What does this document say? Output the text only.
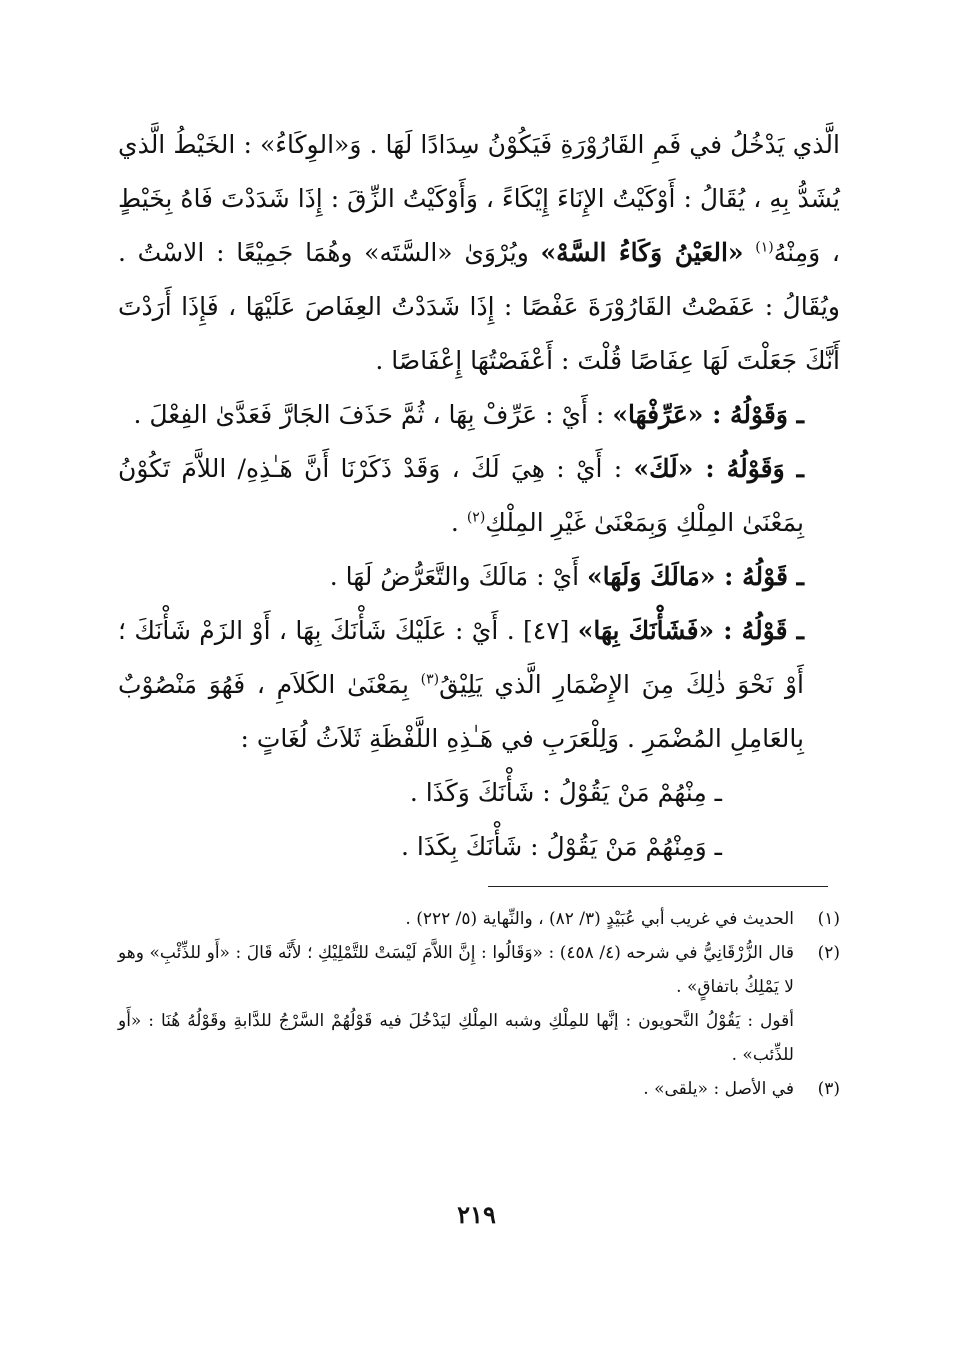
الَّذي يَدْخُلُ في فَمِ القَارُوْرَةِ فَيَكُوْنُ سِدَادًا لَهَا . وَ«الوِكَاءُ» : الخَيْطُ الَّذي يُشَدُّ بِهِ ، يُقَالُ : أَوْكَيْتُ الإِنَاءَ إِيْكَاءً ، وَأَوْكَيْتُ الزِّقَ : إِذَا شَدَدْتَ فَاهُ بِخَيْطٍ ، وَمِنْهُ$^{(١)}$ «العَيْنُ وَكَاءُ السَّهْ» ويُرْوَىٰ «السَّتَه» وهُمَا جَمِيْعًا : الاسْتُ . ويُقَالُ : عَفَصْتُ القَارُوْرَةَ عَفْصًا : إِذَا شَدَدْتُ العِفَاصَ عَلَيْهَا ، فَإِذَا أَرَدْتَ أَنَّكَ جَعَلْتَ لَهَا عِفَاصًا قُلْتَ : أَعْفَصْتُهَا إِعْفَاصًا .

ـ وَقَوْلُهُ : «عَرِّفْهَا» : أَيْ : عَرِّفْ بِهَا ، ثُمَّ حَذَفَ الجَارَّ فَعَدَّىٰ الفِعْلَ .

ـ وَقَوْلُهُ : «لَكَ» : أَيْ : هِيَ لَكَ ، وَقَدْ ذَكَرْنَا أَنَّ هَـٰذِهِ/ اللاَّمَ تَكُوْنُ بِمَعْنَىٰ المِلْكِ وَبِمَعْنَىٰ غَيْرِ المِلْكِ$^{(٢)}$ .

ـ قَوْلُهُ : «مَالَكَ وَلَهَا» أَيْ : مَالَكَ والتَّعَرُّضُ لَهَا .

ـ قَوْلُهُ : «فَشَأْنَكَ بِهَا» [٤٧] . أَيْ : عَلَيْكَ شَأْنَكَ بِهَا ، أَوْ الزَمْ شَأْنَكَ ؛ أَوْ نَحْوَ ذٰلِكَ مِنَ الإِضْمَارِ الَّذي يَلِيْقُ$^{(٣)}$ بِمَعْنَىٰ الكَلاَمِ ، فَهُوَ مَنْصُوْبٌ بِالعَامِلِ المُضْمَرِ . وَلِلْعَرَبِ في هَـٰذِهِ اللَّفْظَةِ ثَلاَثُ لُغَاتٍ :

ـ مِنْهُمْ مَنْ يَقُوْلُ : شَأْنَكَ وَكَذَا .

ـ وَمِنْهُمْ مَنْ يَقُوْلُ : شَأْنَكَ بِكَذَا .

(١)
الحديث في غريب أبي عُبَيْدٍ (٣/ ٨٢) ، والنِّهاية (٥/ ٢٢٢) .
(٢)
قال الزُّرْقَانِيُّ في شرحه (٤/ ٤٥٨) : «وَقَالُوا : إِنَّ اللاَّمَ لَيْسَتْ للتَّمْلِيْكِ ؛ لأَنَّه قَالَ : «أَو للذِّئْبِ» وهو لا يَمْلِكُ باتفاقٍ» .
أقول : يَقُوْلُ النَّحويون : إنَّها للمِلْكِ وشبه المِلْكِ ليَدْخُلَ فيه قَوْلُهُمْ السَّرْجُ للدَّابةِ وقَوْلُهُ هُنَا : «أَو للذِّئب» .
(٣)
في الأصل : «يلقى» .
٢١٩
